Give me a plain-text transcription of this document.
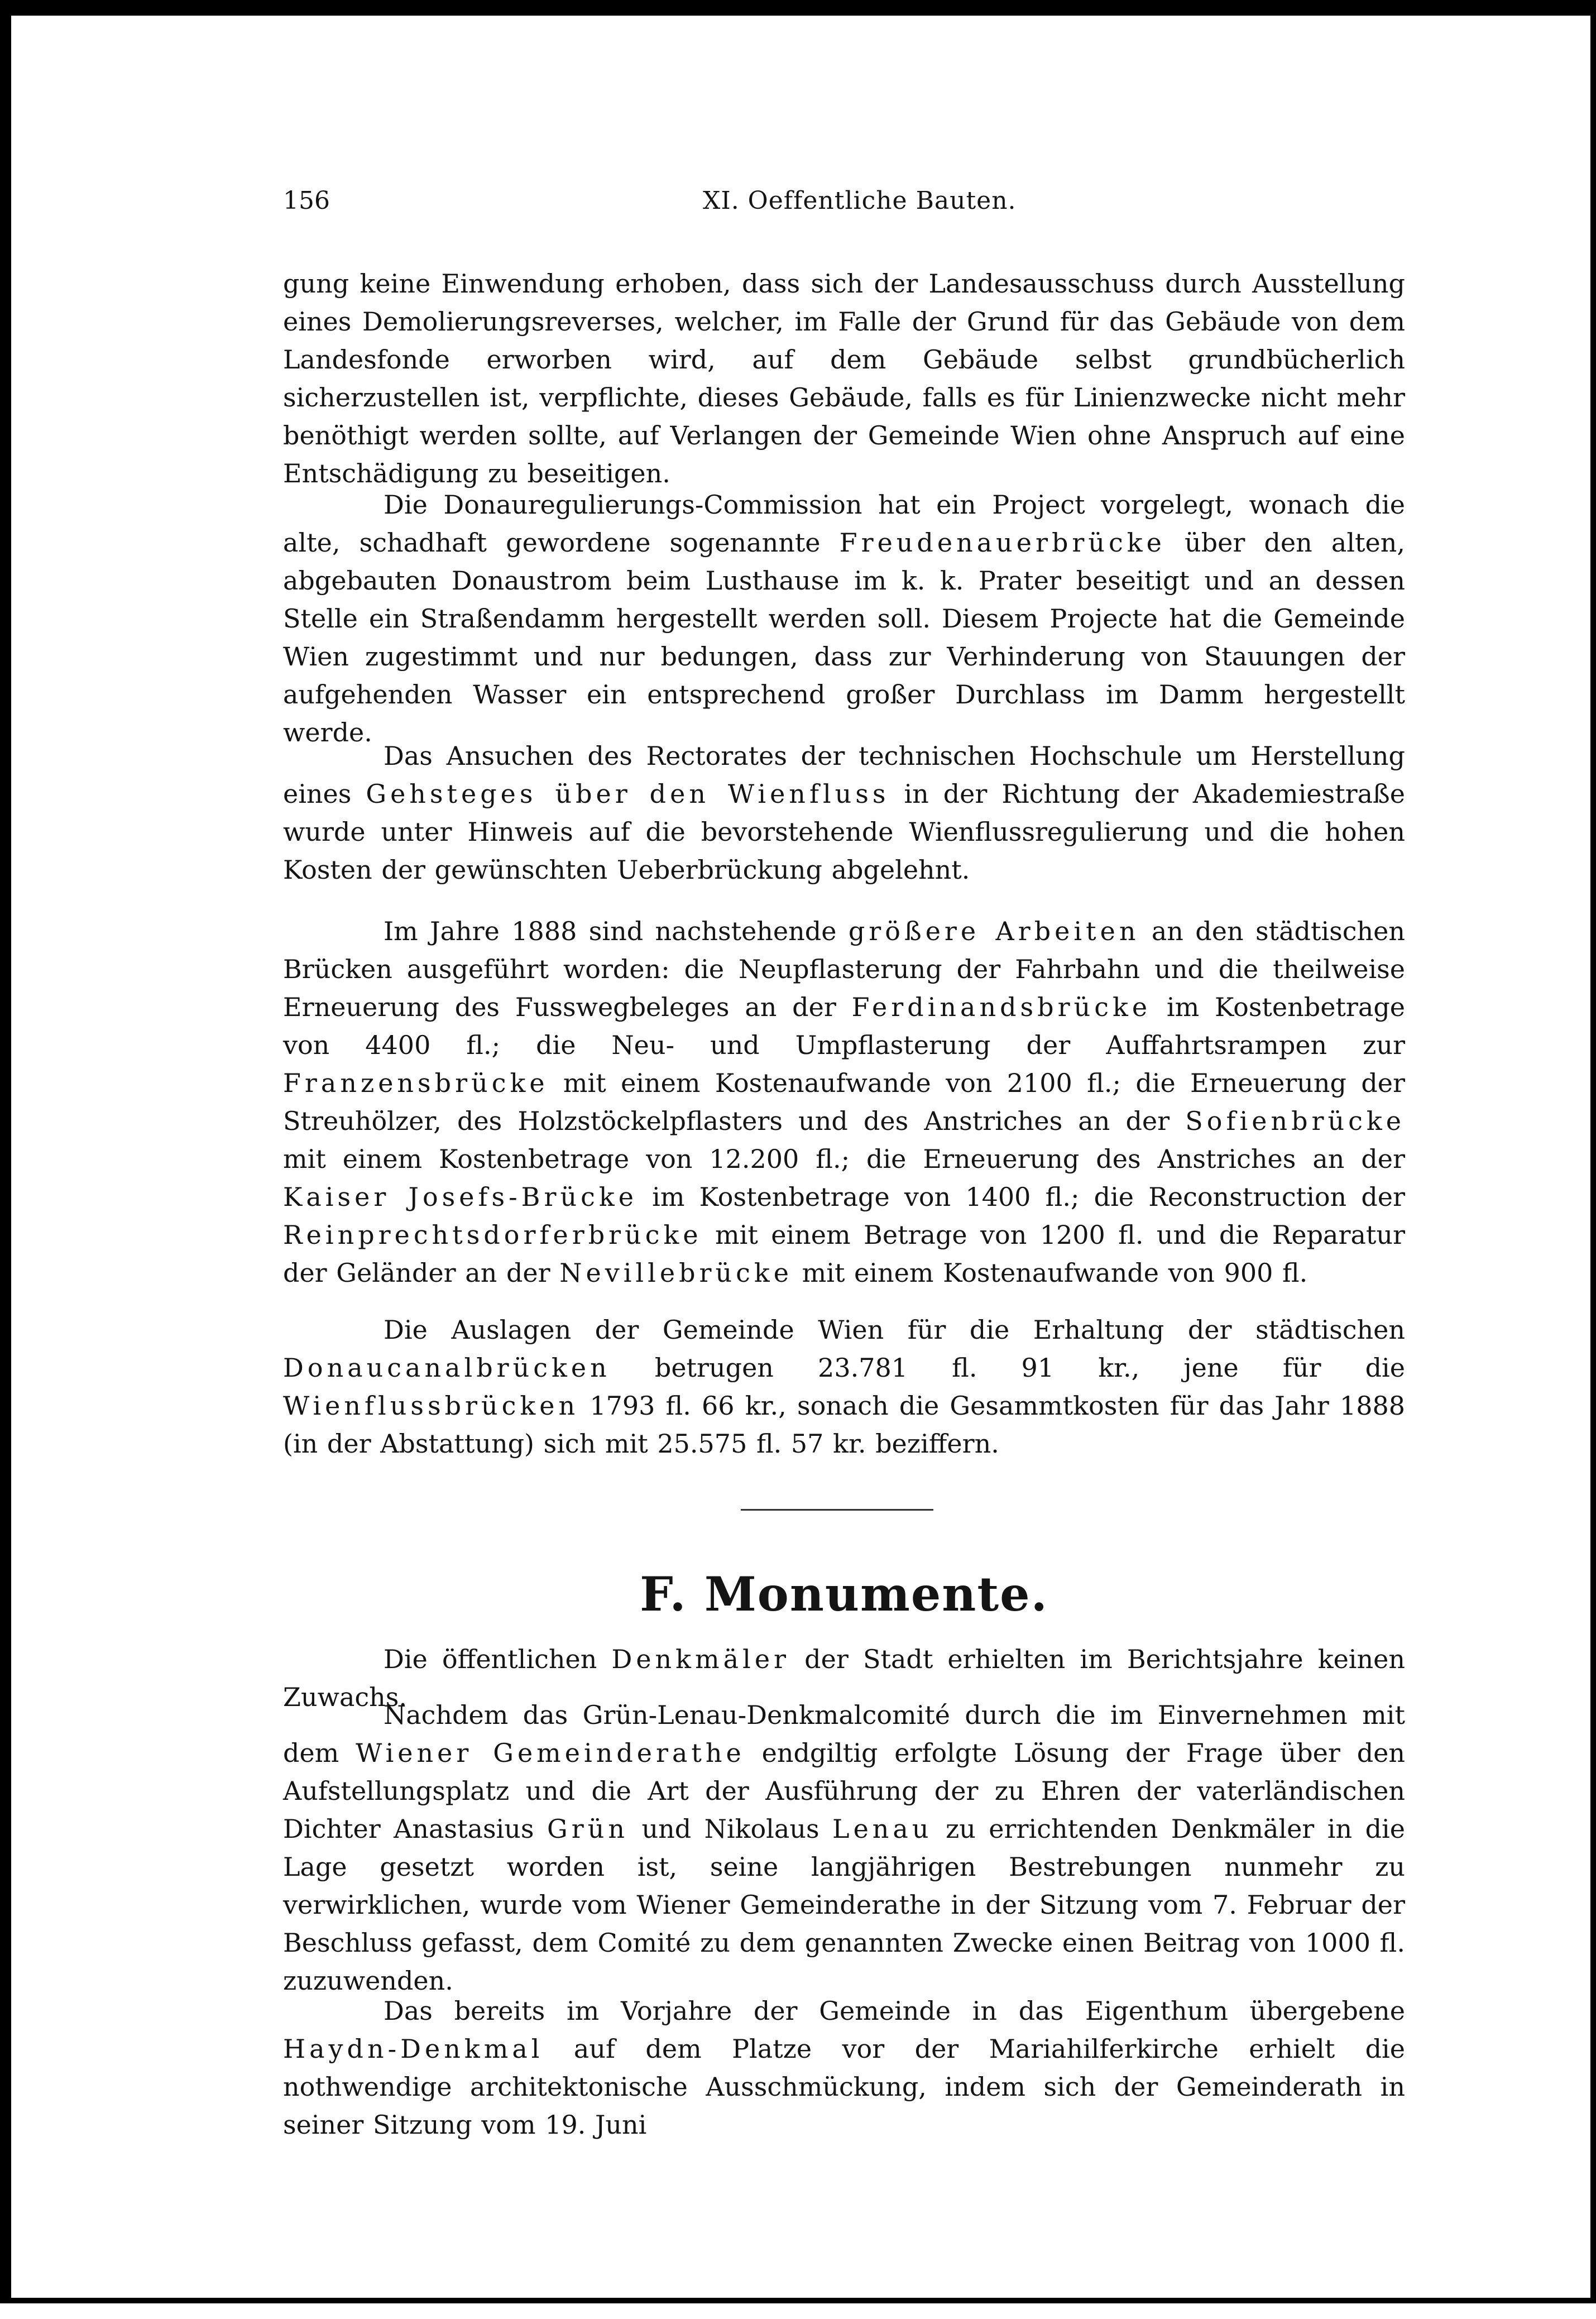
156	XI. Oeffentliche Bauten.

gung keine Einwendung erhoben, dass sich der Landesausschuss durch Ausstellung eines Demolierungsreverses, welcher, im Falle der Grund für das Gebäude von dem Landesfonde erworben wird, auf dem Gebäude selbst grundbücherlich sicherzustellen ist, verpflichte, dieses Gebäude, falls es für Linienzwecke nicht mehr benöthigt werden sollte, auf Verlangen der Gemeinde Wien ohne Anspruch auf eine Entschädigung zu beseitigen.

Die Donauregulierungs-Commission hat ein Project vorgelegt, wonach die alte, schadhaft gewordene sogenannte Freudenauerbrücke über den alten, abgebauten Donaustrom beim Lusthause im k. k. Prater beseitigt und an dessen Stelle ein Straßendamm hergestellt werden soll. Diesem Projecte hat die Gemeinde Wien zugestimmt und nur bedungen, dass zur Verhinderung von Stauungen der aufgehenden Wasser ein entsprechend großer Durchlass im Damm hergestellt werde.

Das Ansuchen des Rectorates der technischen Hochschule um Herstellung eines Gehsteges über den Wienfluss in der Richtung der Akademiestraße wurde unter Hinweis auf die bevorstehende Wienflussregulierung und die hohen Kosten der gewünschten Ueberbrückung abgelehnt.

Im Jahre 1888 sind nachstehende größere Arbeiten an den städtischen Brücken ausgeführt worden: die Neupflasterung der Fahrbahn und die theilweise Erneuerung des Fusswegbeleges an der Ferdinandsbrücke im Kostenbetrage von 4400 fl.; die Neu- und Umpflasterung der Auffahrtsrampen zur Franzensbrücke mit einem Kostenaufwande von 2100 fl.; die Erneuerung der Streuhölzer, des Holzstöckelpflasters und des Anstriches an der Sofienbrücke mit einem Kostenbetrage von 12.200 fl.; die Erneuerung des Anstriches an der Kaiser Josefs-Brücke im Kostenbetrage von 1400 fl.; die Reconstruction der Reinprechtsdorferbrücke mit einem Betrage von 1200 fl. und die Reparatur der Geländer an der Nevillebrücke mit einem Kostenaufwande von 900 fl.

Die Auslagen der Gemeinde Wien für die Erhaltung der städtischen Donaucanalbrücken betrugen 23.781 fl. 91 kr., jene für die Wienflussbrücken 1793 fl. 66 kr., sonach die Gesammtkosten für das Jahr 1888 (in der Abstattung) sich mit 25.575 fl. 57 kr. beziffern.

F. Monumente.

Die öffentlichen Denkmäler der Stadt erhielten im Berichtsjahre keinen Zuwachs.

Nachdem das Grün-Lenau-Denkmalcomité durch die im Einvernehmen mit dem Wiener Gemeinderathe endgiltig erfolgte Lösung der Frage über den Aufstellungsplatz und die Art der Ausführung der zu Ehren der vaterländischen Dichter Anastasius Grün und Nikolaus Lenau zu errichtenden Denkmäler in die Lage gesetzt worden ist, seine langjährigen Bestrebungen nunmehr zu verwirklichen, wurde vom Wiener Gemeinderathe in der Sitzung vom 7. Februar der Beschluss gefasst, dem Comité zu dem genannten Zwecke einen Beitrag von 1000 fl. zuzuwenden.

Das bereits im Vorjahre der Gemeinde in das Eigenthum übergebene Haydn-Denkmal auf dem Platze vor der Mariahilferkirche erhielt die nothwendige architektonische Ausschmückung, indem sich der Gemeinderath in seiner Sitzung vom 19. Juni
